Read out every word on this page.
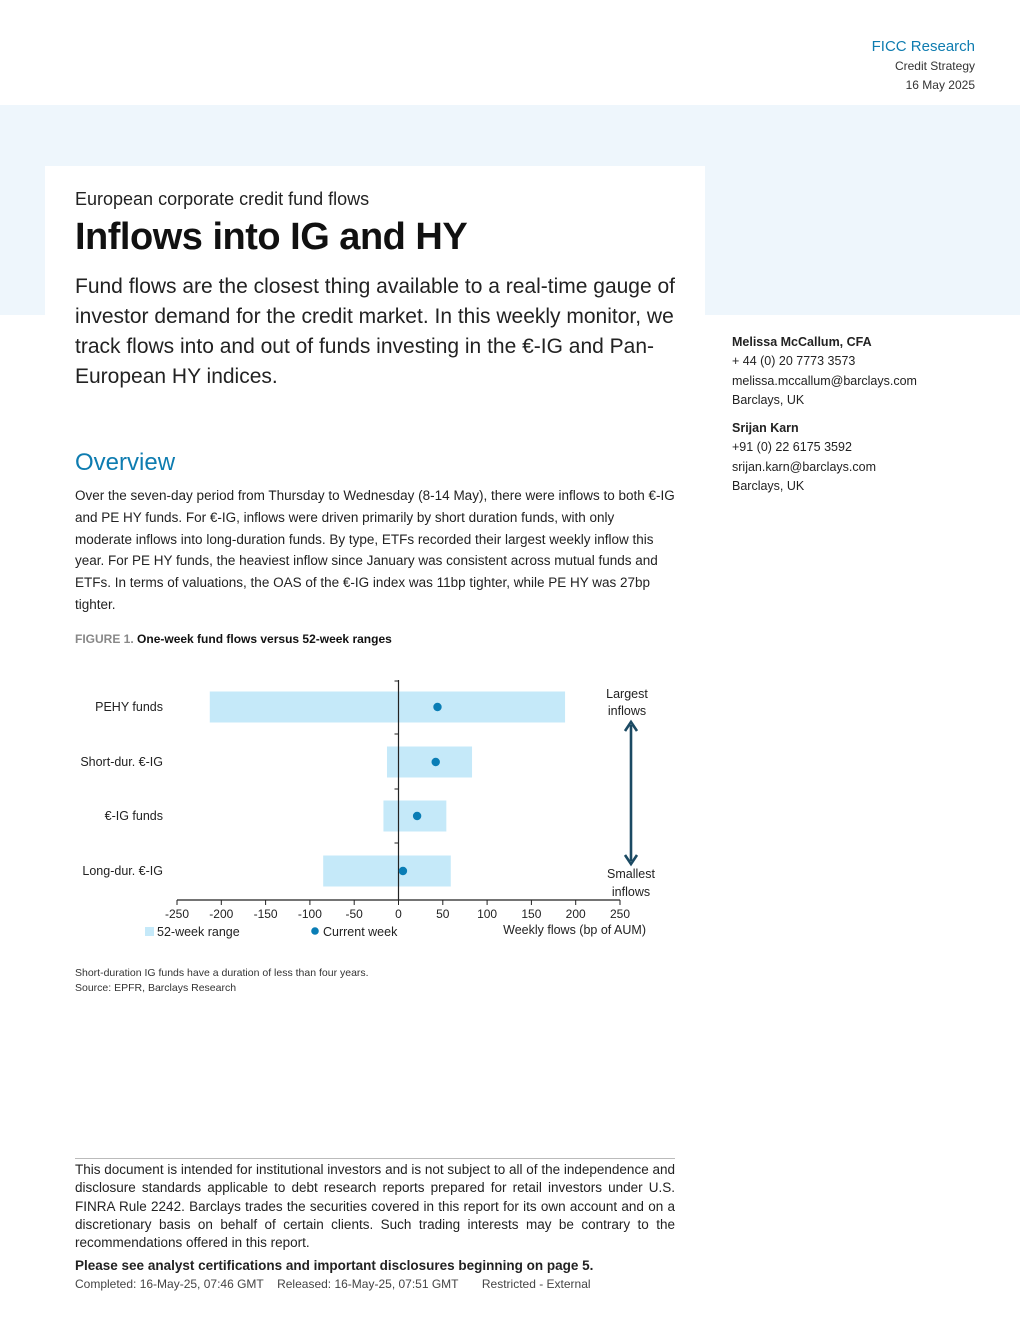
FICC Research
Credit Strategy
16 May 2025
European corporate credit fund flows
Inflows into IG and HY
Fund flows are the closest thing available to a real-time gauge of investor demand for the credit market. In this weekly monitor, we track flows into and out of funds investing in the €-IG and Pan-European HY indices.
Melissa McCallum, CFA
+ 44 (0) 20 7773 3573
melissa.mccallum@barclays.com
Barclays, UK
Srijan Karn
+91 (0) 22 6175 3592
srijan.karn@barclays.com
Barclays, UK
Overview
Over the seven-day period from Thursday to Wednesday (8-14 May), there were inflows to both €-IG and PE HY funds. For €-IG, inflows were driven primarily by short duration funds, with only moderate inflows into long-duration funds. By type, ETFs recorded their largest weekly inflow this year. For PE HY funds, the heaviest inflow since January was consistent across mutual funds and ETFs. In terms of valuations, the OAS of the €-IG index was 11bp tighter, while PE HY was 27bp tighter.
FIGURE 1. One-week fund flows versus 52-week ranges
PEHY funds
Short-dur. €-IG
€-IG funds
Long-dur. €-IG
-250 -200 -150 -100 -50	0	50 100 150 200 250
Largest
inflows
Smallest
inflows
52-week range	Current week	Weekly flows (bp of AUM)
Short-duration IG funds have a duration of less than four years.
Source: EPFR, Barclays Research
This document is intended for institutional investors and is not subject to all of the independence and disclosure standards applicable to debt research reports prepared for retail investors under U.S. FINRA Rule 2242. Barclays trades the securities covered in this report for its own account and on a discretionary basis on behalf of certain clients. Such trading interests may be contrary to the recommendations offered in this report.
Please see analyst certifications and important disclosures beginning on page 5.
Completed: 16-May-25, 07:46 GMT Released: 16-May-25, 07:51 GMT Restricted - External
